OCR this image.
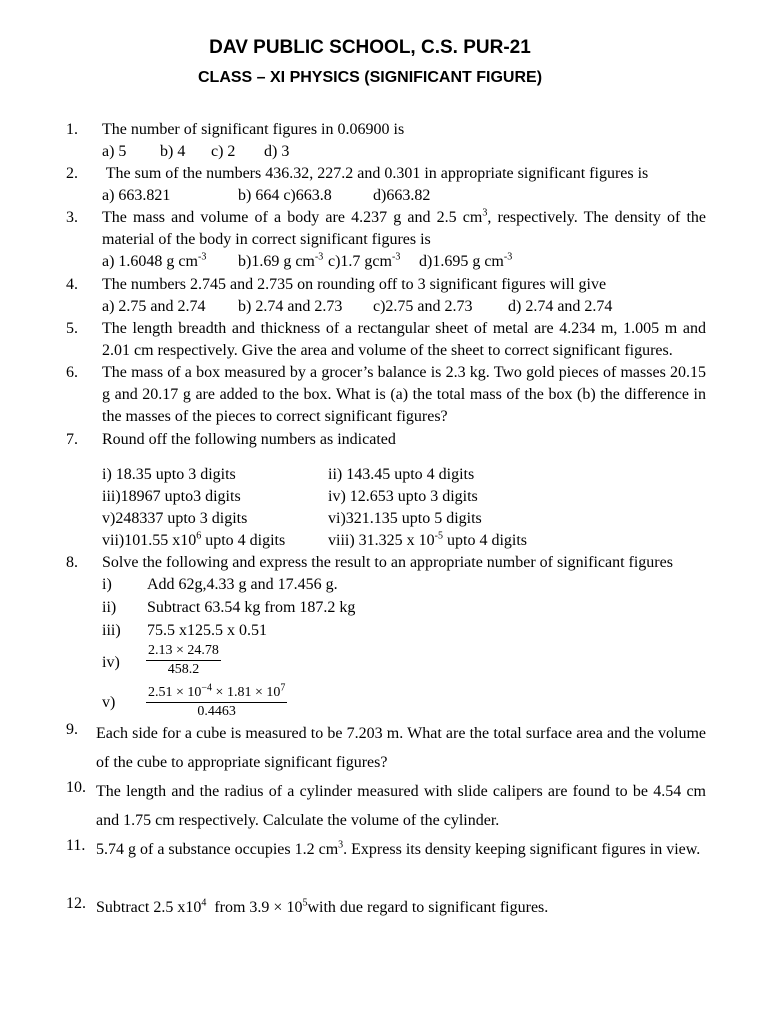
DAV PUBLIC SCHOOL, C.S. PUR-21
CLASS – XI PHYSICS (SIGNIFICANT FIGURE)
1. The number of significant figures in 0.06900 is
a) 5 b) 4 c) 2 d) 3
2. The sum of the numbers 436.32, 227.2 and 0.301 in appropriate significant figures is
a) 663.821	b) 664 c)663.8	d)663.82
3. The mass and volume of a body are 4.237 g and 2.5 $cm^3$, respectively. The density of the material of the body in correct significant figures is
a) 1.6048 g $cm^{-3}$ b)1.69 g $cm^{-3}$ c)1.7 gcm$^{-3}$ d)1.695 g $cm^{-3}$
4. The numbers 2.745 and 2.735 on rounding off to 3 significant figures will give
a) 2.75 and 2.74 b) 2.74 and 2.73 c)2.75 and 2.73 d) 2.74 and 2.74
5. The length breadth and thickness of a rectangular sheet of metal are 4.234 m, 1.005 m and 2.01 cm respectively. Give the area and volume of the sheet to correct significant figures.
6. The mass of a box measured by a grocer’s balance is 2.3 kg. Two gold pieces of masses 20.15 g and 20.17 g are added to the box. What is (a) the total mass of the box (b) the difference in the masses of the pieces to correct significant figures?
7. Round off the following numbers as indicated
i) 18.35 upto 3 digits	ii) 143.45 upto 4 digits
iii)18967 upto3 digits	iv) 12.653 upto 3 digits
v)248337 upto 3 digits	vi)321.135 upto 5 digits
vii)101.55 $x10^6$ upto 4 digits	viii) 31.325 x $10^{-5}$ upto 4 digits
8. Solve the following and express the result to an appropriate number of significant figures
i) Add 62g,4.33 g and 17.456 g.
ii) Subtract 63.54 kg from 187.2 kg
iii) 75.5 x125.5 x 0.51
$iv) \frac{2.13 \times 24.78}{458.2}$
$v) \frac{2.51 \times 10^{-4} \times 1.81 \times 10^7}{0.4463}$
9. Each side for a cube is measured to be 7.203 m. What are the total surface area and the volume of the cube to appropriate significant figures?
10. The length and the radius of a cylinder measured with slide calipers are found to be 4.54 cm and 1.75 cm respectively. Calculate the volume of the cylinder.
11. 5.74 g of a substance occupies 1.2 $cm^3$. Express its density keeping significant figures in view.
12. Subtract 2.5 $x10^4$  from $3.9 \times 10^5with$ due regard to significant figures.
